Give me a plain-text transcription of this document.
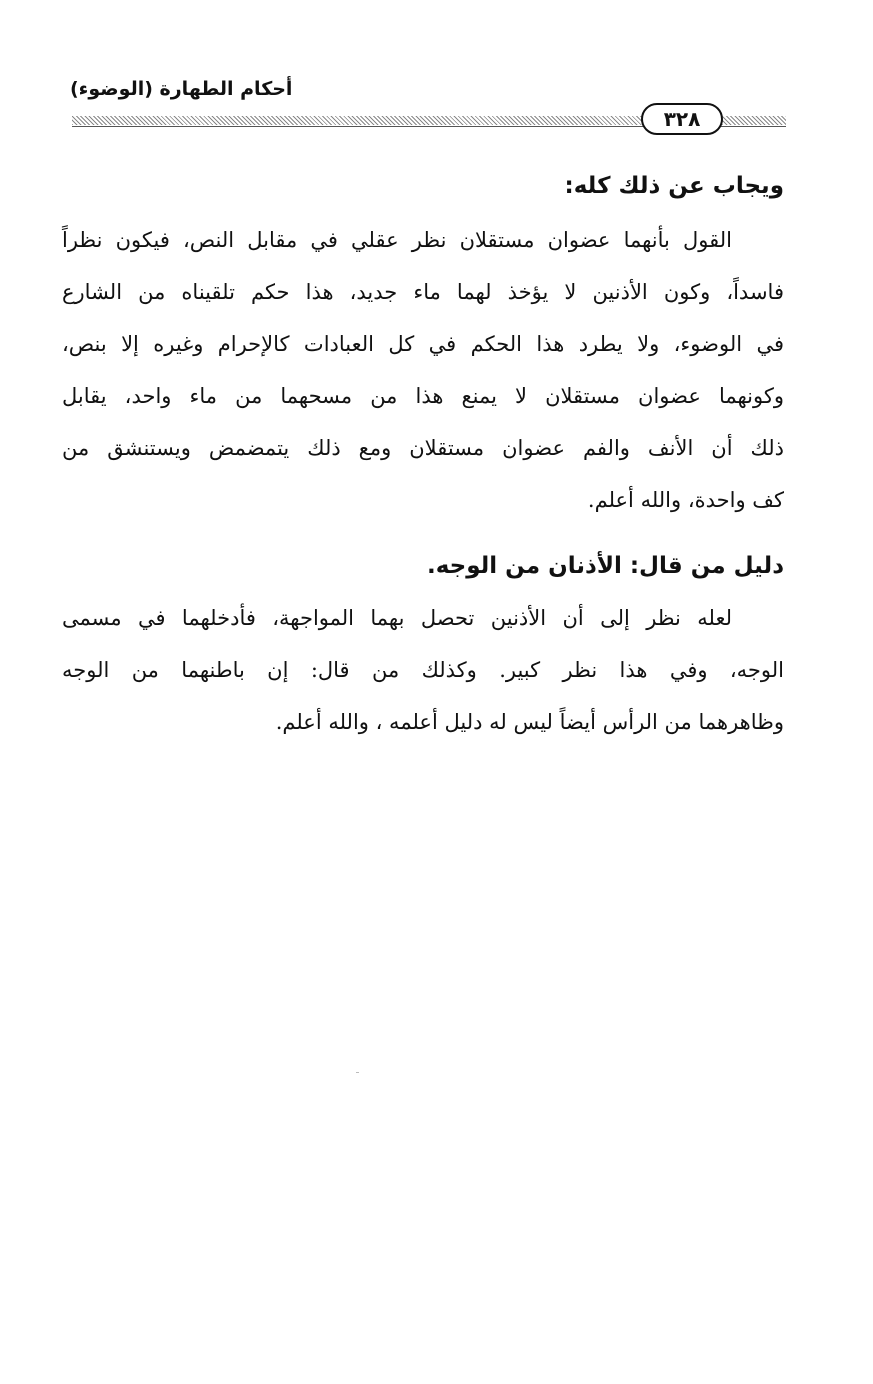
أحكام الطهارة (الوضوء)
٣٢٨
ويجاب عن ذلك كله:
القول بأنهما عضوان مستقلان نظر عقلي في مقابل النص، فيكون نظراً
فاسداً، وكون الأذنين لا يؤخذ لهما ماء جديد، هذا حكم تلقيناه من الشارع
في الوضوء، ولا يطرد هذا الحكم في كل العبادات كالإحرام وغيره إلا بنص،
وكونهما عضوان مستقلان لا يمنع هذا من مسحهما من ماء واحد، يقابل
ذلك أن الأنف والفم عضوان مستقلان ومع ذلك يتمضمض ويستنشق من
كف واحدة، والله أعلم.
دليل من قال: الأذنان من الوجه.
لعله نظر إلى أن الأذنين تحصل بهما المواجهة، فأدخلهما في مسمى
الوجه، وفي هذا نظر كبير. وكذلك من قال: إن باطنهما من الوجه
وظاهرهما من الرأس أيضاً ليس له دليل أعلمه ، والله أعلم.
